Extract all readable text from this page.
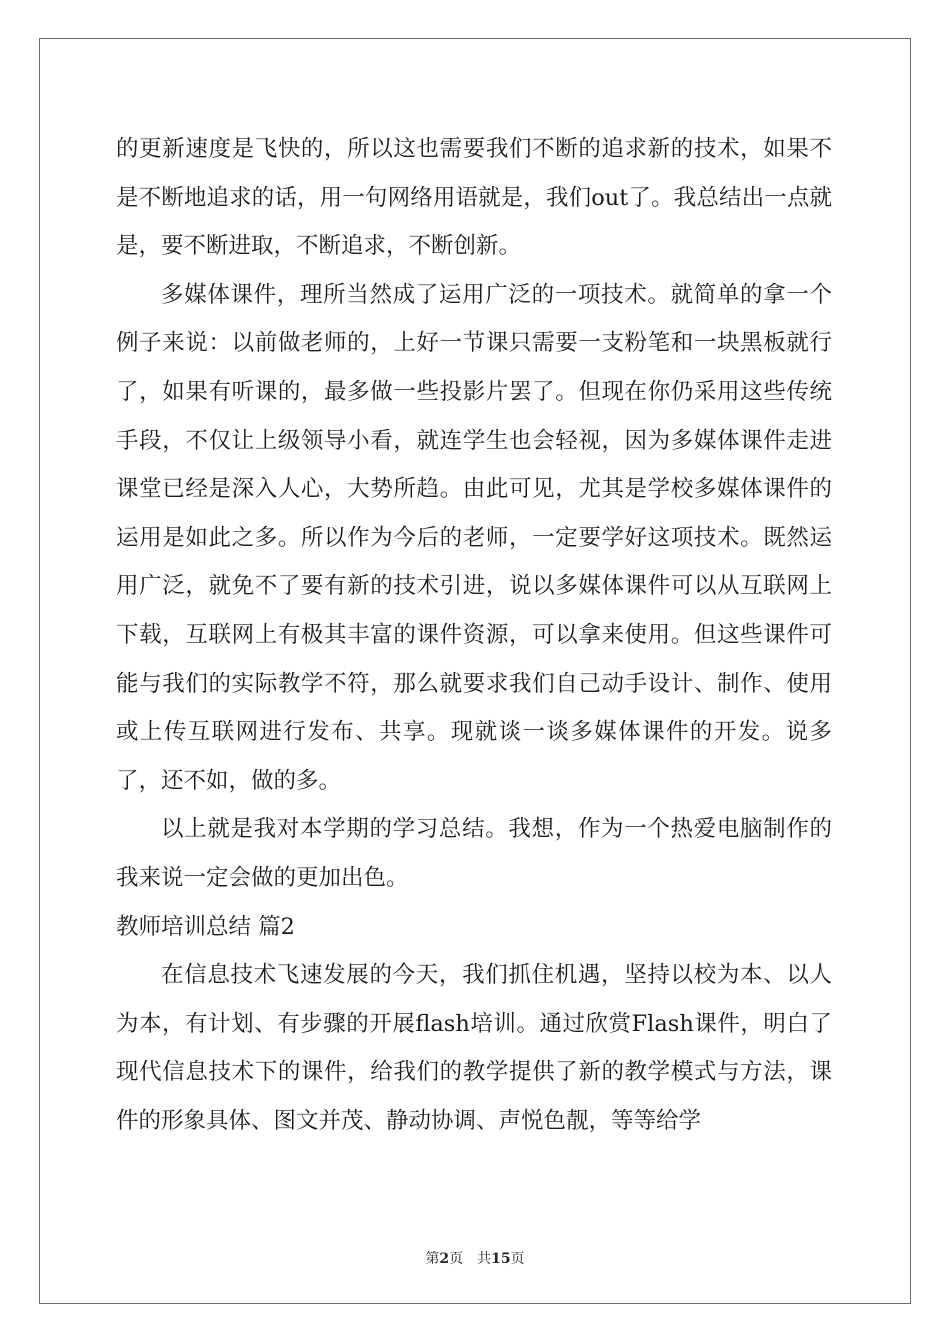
的更新速度是飞快的，所以这也需要我们不断的追求新的技术，如果不是不断地追求的话，用一句网络用语就是，我们out了。我总结出一点就是，要不断进取，不断追求，不断创新。

多媒体课件，理所当然成了运用广泛的一项技术。就简单的拿一个例子来说：以前做老师的，上好一节课只需要一支粉笔和一块黑板就行了，如果有听课的，最多做一些投影片罢了。但现在你仍采用这些传统手段，不仅让上级领导小看，就连学生也会轻视，因为多媒体课件走进课堂已经是深入人心，大势所趋。由此可见，尤其是学校多媒体课件的运用是如此之多。所以作为今后的老师，一定要学好这项技术。既然运用广泛，就免不了要有新的技术引进，说以多媒体课件可以从互联网上下载，互联网上有极其丰富的课件资源，可以拿来使用。但这些课件可能与我们的实际教学不符，那么就要求我们自己动手设计、制作、使用或上传互联网进行发布、共享。现就谈一谈多媒体课件的开发。说多了，还不如，做的多。

以上就是我对本学期的学习总结。我想，作为一个热爱电脑制作的我来说一定会做的更加出色。

教师培训总结 篇2

在信息技术飞速发展的今天，我们抓住机遇，坚持以校为本、以人为本，有计划、有步骤的开展flash培训。通过欣赏Flash课件，明白了现代信息技术下的课件，给我们的教学提供了新的教学模式与方法，课件的形象具体、图文并茂、静动协调、声悦色靓，等等给学

第2页 共15页
